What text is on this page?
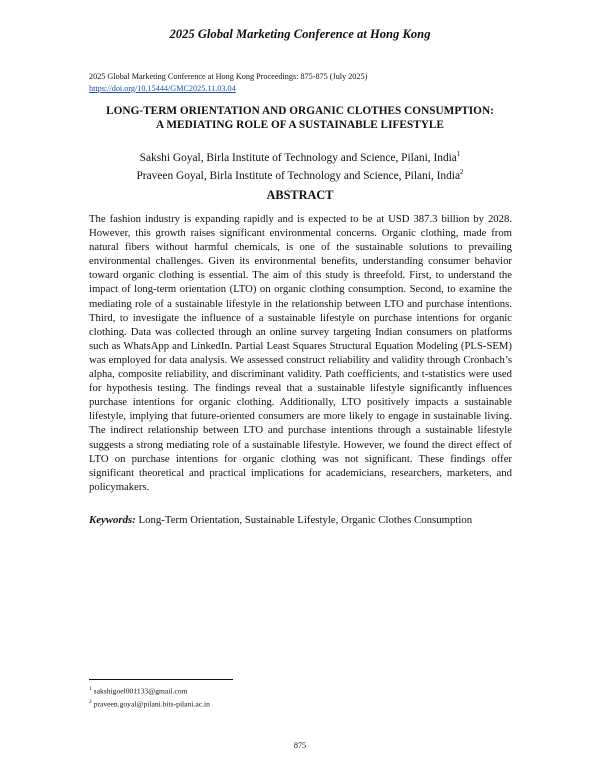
2025 Global Marketing Conference at Hong Kong
2025 Global Marketing Conference at Hong Kong Proceedings: 875-875 (July 2025)
https://doi.org/10.15444/GMC2025.11.03.04
LONG-TERM ORIENTATION AND ORGANIC CLOTHES CONSUMPTION:
A MEDIATING ROLE OF A SUSTAINABLE LIFESTYLE
Sakshi Goyal, Birla Institute of Technology and Science, Pilani, India$^1$
Praveen Goyal, Birla Institute of Technology and Science, Pilani, India$^2$
ABSTRACT

The fashion industry is expanding rapidly and is expected to be at USD 387.3 billion by 2028. However, this growth raises significant environmental concerns. Organic clothing, made from natural fibers without harmful chemicals, is one of the sustainable solutions to prevailing environmental challenges. Given its environmental benefits, understanding consumer behavior toward organic clothing is essential. The aim of this study is threefold. First, to understand the impact of long-term orientation (LTO) on organic clothing consumption. Second, to examine the mediating role of a sustainable lifestyle in the relationship between LTO and purchase intentions. Third, to investigate the influence of a sustainable lifestyle on purchase intentions for organic clothing. Data was collected through an online survey targeting Indian consumers on platforms such as WhatsApp and LinkedIn. Partial Least Squares Structural Equation Modeling (PLS-SEM) was employed for data analysis. We assessed construct reliability and validity through Cronbach’s alpha, composite reliability, and discriminant validity. Path coefficients, and t-statistics were used for hypothesis testing. The findings reveal that a sustainable lifestyle significantly influences purchase intentions for organic clothing. Additionally, LTO positively impacts a sustainable lifestyle, implying that future-oriented consumers are more likely to engage in sustainable living. The indirect relationship between LTO and purchase intentions through a sustainable lifestyle suggests a strong mediating role of a sustainable lifestyle. However, we found the direct effect of LTO on purchase intentions for organic clothing was not significant. These findings offer significant theoretical and practical implications for academicians, researchers, marketers, and policymakers.

Keywords: Long-Term Orientation, Sustainable Lifestyle, Organic Clothes Consumption
$^1$ sakshigoel001133@gmail.com
$^2$ praveen.goyal@pilani.bits-pilani.ac.in
875
